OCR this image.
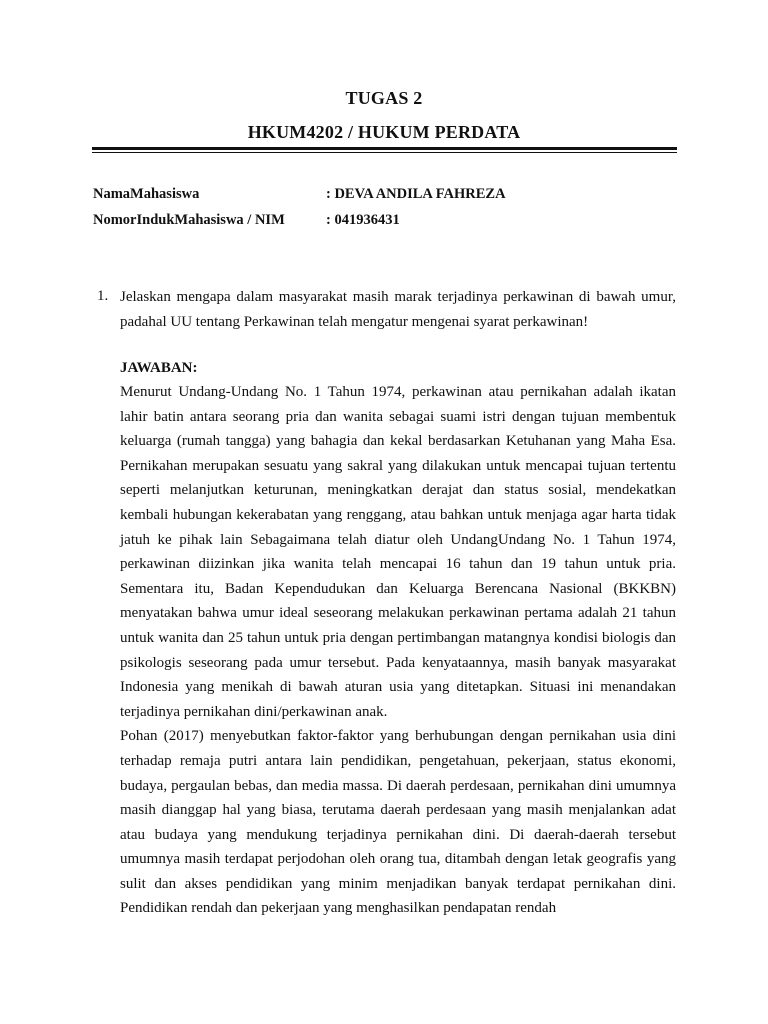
TUGAS 2
HKUM4202 / HUKUM PERDATA
NamaMahasiswa	: DEVA ANDILA FAHREZA
NomorIndukMahasiswa / NIM	: 041936431
1. Jelaskan mengapa dalam masyarakat masih marak terjadinya perkawinan di bawah umur, padahal UU tentang Perkawinan telah mengatur mengenai syarat perkawinan!
JAWABAN:

Menurut Undang-Undang No. 1 Tahun 1974, perkawinan atau pernikahan adalah ikatan lahir batin antara seorang pria dan wanita sebagai suami istri dengan tujuan membentuk keluarga (rumah tangga) yang bahagia dan kekal berdasarkan Ketuhanan yang Maha Esa. Pernikahan merupakan sesuatu yang sakral yang dilakukan untuk mencapai tujuan tertentu seperti melanjutkan keturunan, meningkatkan derajat dan status sosial, mendekatkan kembali hubungan kekerabatan yang renggang, atau bahkan untuk menjaga agar harta tidak jatuh ke pihak lain Sebagaimana telah diatur oleh UndangUndang No. 1 Tahun 1974, perkawinan diizinkan jika wanita telah mencapai 16 tahun dan 19 tahun untuk pria. Sementara itu, Badan Kependudukan dan Keluarga Berencana Nasional (BKKBN) menyatakan bahwa umur ideal seseorang melakukan perkawinan pertama adalah 21 tahun untuk wanita dan 25 tahun untuk pria dengan pertimbangan matangnya kondisi biologis dan psikologis seseorang pada umur tersebut. Pada kenyataannya, masih banyak masyarakat Indonesia yang menikah di bawah aturan usia yang ditetapkan. Situasi ini menandakan terjadinya pernikahan dini/perkawinan anak.

Pohan (2017) menyebutkan faktor-faktor yang berhubungan dengan pernikahan usia dini terhadap remaja putri antara lain pendidikan, pengetahuan, pekerjaan, status ekonomi, budaya, pergaulan bebas, dan media massa. Di daerah perdesaan, pernikahan dini umumnya masih dianggap hal yang biasa, terutama daerah perdesaan yang masih menjalankan adat atau budaya yang mendukung terjadinya pernikahan dini. Di daerah-daerah tersebut umumnya masih terdapat perjodohan oleh orang tua, ditambah dengan letak geografis yang sulit dan akses pendidikan yang minim menjadikan banyak terdapat pernikahan dini. Pendidikan rendah dan pekerjaan yang menghasilkan pendapatan rendah
